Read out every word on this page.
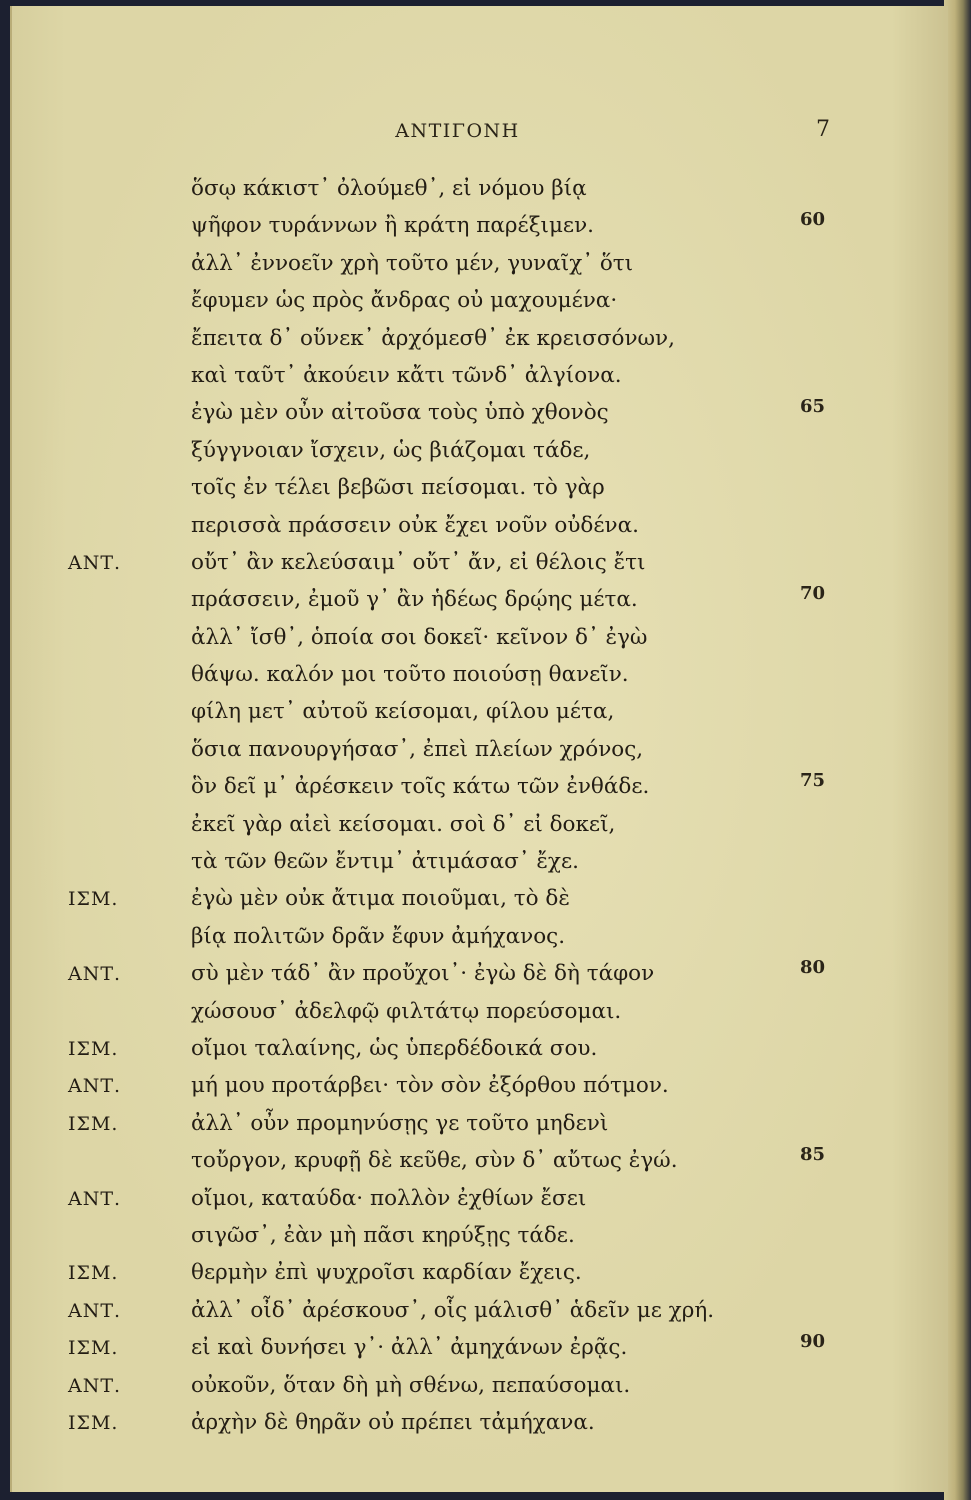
ΑΝΤΙΓΟΝΗ	7
ὅσῳ κάκιστ᾽ ὀλούμεθ᾽, εἰ νόμου βίᾳ
ψῆφον τυράννων ἢ κράτη παρέξιμεν.	60
ἀλλ᾽ ἐννοεῖν χρὴ τοῦτο μέν, γυναῖχ᾽ ὅτι
ἔφυμεν ὡς πρὸς ἄνδρας οὐ μαχουμένα·
ἔπειτα δ᾽ οὕνεκ᾽ ἀρχόμεσθ᾽ ἐκ κρεισσόνων,
καὶ ταῦτ᾽ ἀκούειν κἄτι τῶνδ᾽ ἀλγίονα.
ἐγὼ μὲν οὖν αἰτοῦσα τοὺς ὑπὸ χθονὸς	65
ξύγγνοιαν ἴσχειν, ὡς βιάζομαι τάδε,
τοῖς ἐν τέλει βεβῶσι πείσομαι. τὸ γὰρ
περισσὰ πράσσειν οὐκ ἔχει νοῦν οὐδένα.
ΑΝΤ.	οὔτ᾽ ἂν κελεύσαιμ᾽ οὔτ᾽ ἄν, εἰ θέλοις ἔτι
πράσσειν, ἐμοῦ γ᾽ ἂν ἡδέως δρῴης μέτα.	70
ἀλλ᾽ ἴσθ᾽, ὁποία σοι δοκεῖ· κεῖνον δ᾽ ἐγὼ
θάψω. καλόν μοι τοῦτο ποιούσῃ θανεῖν.
φίλη μετ᾽ αὐτοῦ κείσομαι, φίλου μέτα,
ὅσια πανουργήσασ᾽, ἐπεὶ πλείων χρόνος,
ὃν δεῖ μ᾽ ἀρέσκειν τοῖς κάτω τῶν ἐνθάδε.	75
ἐκεῖ γὰρ αἰεὶ κείσομαι. σοὶ δ᾽ εἰ δοκεῖ,
τὰ τῶν θεῶν ἔντιμ᾽ ἀτιμάσασ᾽ ἔχε.
ΙΣΜ.	ἐγὼ μὲν οὐκ ἄτιμα ποιοῦμαι, τὸ δὲ
βίᾳ πολιτῶν δρᾶν ἔφυν ἀμήχανος.
ΑΝΤ.	σὺ μὲν τάδ᾽ ἂν προὔχοι᾽· ἐγὼ δὲ δὴ τάφον	80
χώσουσ᾽ ἀδελφῷ φιλτάτῳ πορεύσομαι.
ΙΣΜ.	οἴμοι ταλαίνης, ὡς ὑπερδέδοικά σου.
ΑΝΤ.	μή μου προτάρβει· τὸν σὸν ἐξόρθου πότμον.
ΙΣΜ.	ἀλλ᾽ οὖν προμηνύσῃς γε τοῦτο μηδενὶ
τοὔργον, κρυφῇ δὲ κεῦθε, σὺν δ᾽ αὔτως ἐγώ.	85
ΑΝΤ.	οἴμοι, καταύδα· πολλὸν ἐχθίων ἔσει
σιγῶσ᾽, ἐὰν μὴ πᾶσι κηρύξῃς τάδε.
ΙΣΜ.	θερμὴν ἐπὶ ψυχροῖσι καρδίαν ἔχεις.
ΑΝΤ.	ἀλλ᾽ οἶδ᾽ ἀρέσκουσ᾽, οἷς μάλισθ᾽ ἁδεῖν με χρή.
ΙΣΜ.	εἰ καὶ δυνήσει γ᾽· ἀλλ᾽ ἀμηχάνων ἐρᾷς.	90
ΑΝΤ.	οὐκοῦν, ὅταν δὴ μὴ σθένω, πεπαύσομαι.
ΙΣΜ.	ἀρχὴν δὲ θηρᾶν οὐ πρέπει τἀμήχανα.
